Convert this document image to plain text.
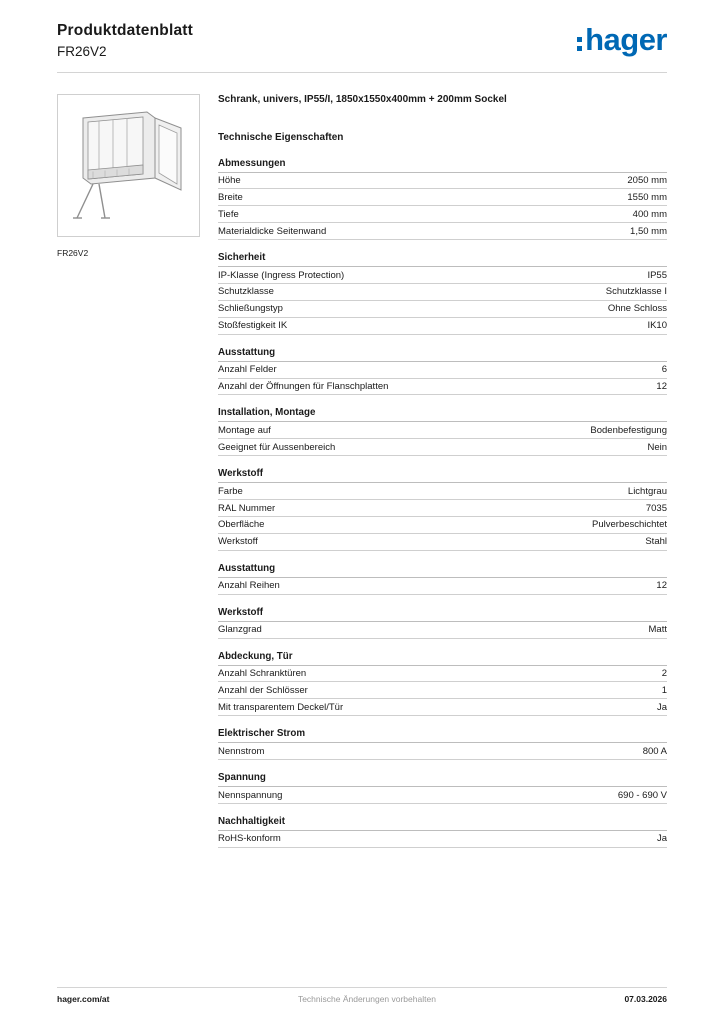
Produktdatenblatt
FR26V2	hager
FR26V2
Schrank, univers, IP55/I, 1850x1550x400mm + 200mm Sockel
Technische Eigenschaften
Abmessungen
Höhe	2050 mm
Breite	1550 mm
Tiefe	400 mm
Materialdicke Seitenwand	1,50 mm
Sicherheit
IP-Klasse (Ingress Protection)	IP55
Schutzklasse	Schutzklasse I
Schließungstyp	Ohne Schloss
Stoßfestigkeit IK	IK10
Ausstattung
Anzahl Felder	6
Anzahl der Öffnungen für Flanschplatten	12
Installation, Montage
Montage auf	Bodenbefestigung
Geeignet für Aussenbereich	Nein
Werkstoff
Farbe	Lichtgrau
RAL Nummer	7035
Oberfläche	Pulverbeschichtet
Werkstoff	Stahl
Ausstattung
Anzahl Reihen	12
Werkstoff
Glanzgrad	Matt
Abdeckung, Tür
Anzahl Schranktüren	2
Anzahl der Schlösser	1
Mit transparentem Deckel/Tür	Ja
Elektrischer Strom
Nennstrom	800 A
Spannung
Nennspannung	690 - 690 V
Nachhaltigkeit
RoHS-konform	Ja
hager.com/at	Technische Änderungen vorbehalten	07.03.2026
